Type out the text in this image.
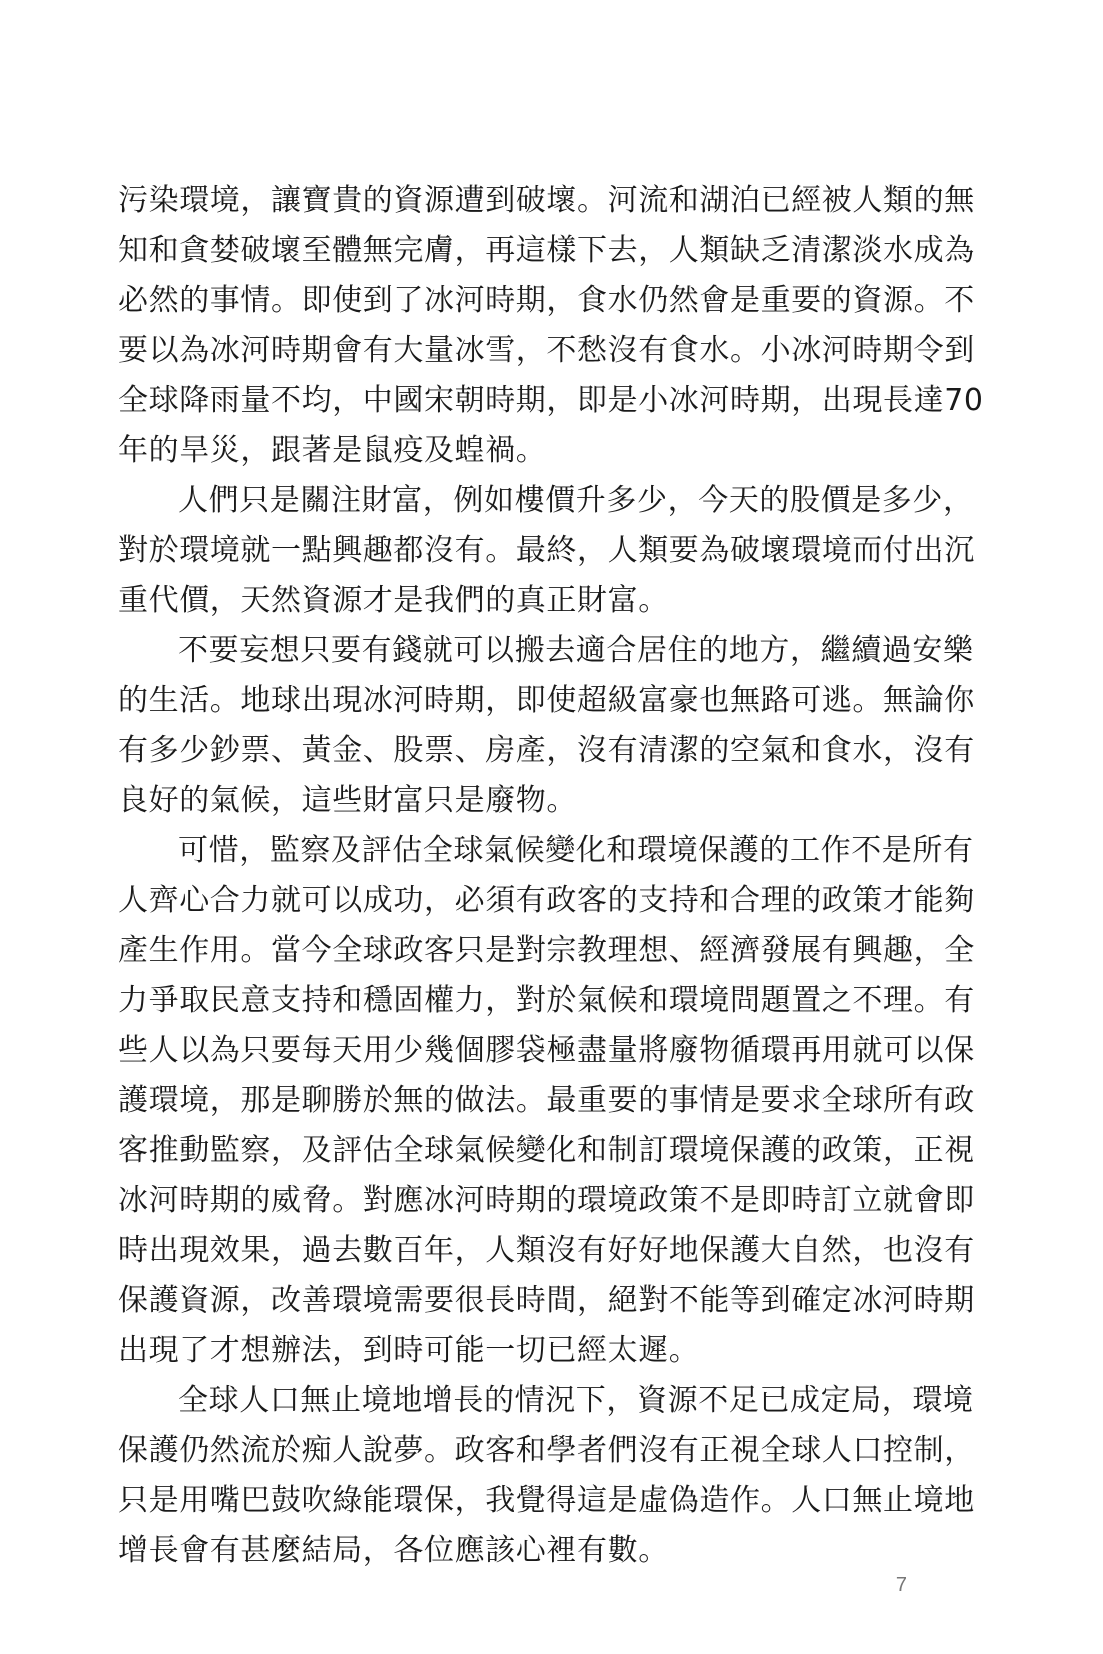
污染環境，讓寶貴的資源遭到破壞。河流和湖泊已經被人類的無
知和貪婪破壞至體無完膚，再這樣下去，人類缺乏清潔淡水成為
必然的事情。即使到了冰河時期，食水仍然會是重要的資源。不
要以為冰河時期會有大量冰雪，不愁沒有食水。小冰河時期令到
全球降雨量不均，中國宋朝時期，即是小冰河時期，出現長達70
年的旱災，跟著是鼠疫及蝗禍。
人們只是關注財富，例如樓價升多少，今天的股價是多少，
對於環境就一點興趣都沒有。最終，人類要為破壞環境而付出沉
重代價，天然資源才是我們的真正財富。
不要妄想只要有錢就可以搬去適合居住的地方，繼續過安樂
的生活。地球出現冰河時期，即使超級富豪也無路可逃。無論你
有多少鈔票、黃金、股票、房產，沒有清潔的空氣和食水，沒有
良好的氣候，這些財富只是廢物。
可惜，監察及評估全球氣候變化和環境保護的工作不是所有
人齊心合力就可以成功，必須有政客的支持和合理的政策才能夠
產生作用。當今全球政客只是對宗教理想、經濟發展有興趣，全
力爭取民意支持和穩固權力，對於氣候和環境問題置之不理。有
些人以為只要每天用少幾個膠袋極盡量將廢物循環再用就可以保
護環境，那是聊勝於無的做法。最重要的事情是要求全球所有政
客推動監察，及評估全球氣候變化和制訂環境保護的政策，正視
冰河時期的威脅。對應冰河時期的環境政策不是即時訂立就會即
時出現效果，過去數百年，人類沒有好好地保護大自然，也沒有
保護資源，改善環境需要很長時間，絕對不能等到確定冰河時期
出現了才想辦法，到時可能一切已經太遲。
全球人口無止境地增長的情況下，資源不足已成定局，環境
保護仍然流於痴人說夢。政客和學者們沒有正視全球人口控制，
只是用嘴巴鼓吹綠能環保，我覺得這是虛偽造作。人口無止境地
增長會有甚麼結局，各位應該心裡有數。
7
